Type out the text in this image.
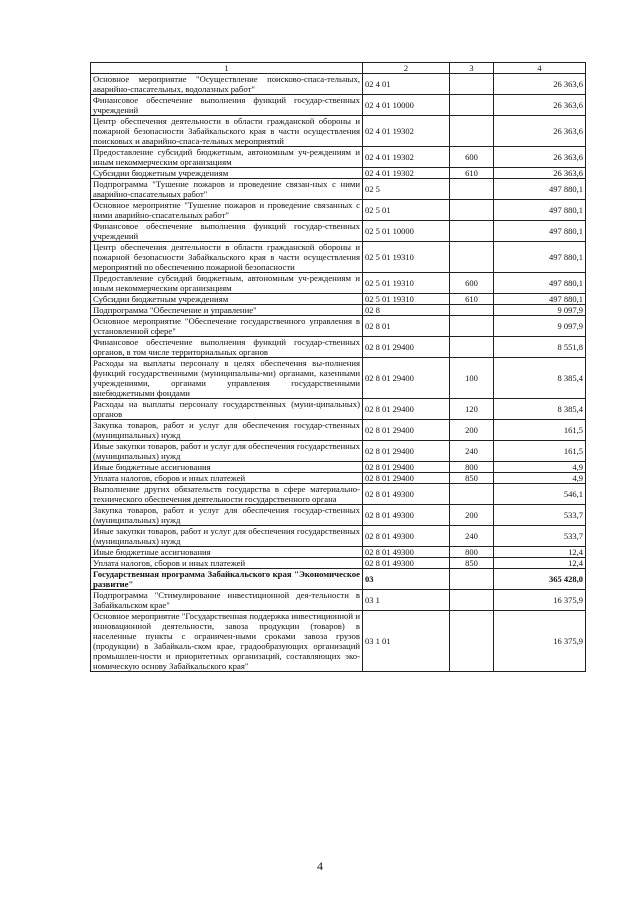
1	2	3	4
Основное мероприятие "Осуществление поисково-спаса-тельных, аварийно-спасательных, водолазных работ"	02 4 01		26 363,6
Финансовое обеспечение выполнения функций государ-ственных учреждений	02 4 01 10000		26 363,6
Центр обеспечения деятельности в области гражданской обороны и пожарной безопасности Забайкальского края в части осуществления поисковых и аварийно-спаса-тельных мероприятий	02 4 01 19302		26 363,6
Предоставление субсидий бюджетным, автономным уч-реждениям и иным некоммерческим организациям	02 4 01 19302	600	26 363,6
Субсидии бюджетным учреждениям	02 4 01 19302	610	26 363,6
Подпрограмма "Тушение пожаров и проведение связан-ных с ними аварийно-спасательных работ"	02 5		497 880,1
Основное мероприятие "Тушение пожаров и проведение связанных с ними аварийно-спасательных работ"	02 5 01		497 880,1
Финансовое обеспечение выполнения функций государ-ственных учреждений	02 5 01 10000		497 880,1
Центр обеспечения деятельности в области гражданской обороны и пожарной безопасности Забайкальского края в части осуществления мероприятий по обеспечению пожарной безопасности	02 5 01 19310		497 880,1
Предоставление субсидий бюджетным, автономным уч-реждениям и иным некоммерческим организациям	02 5 01 19310	600	497 880,1
Субсидии бюджетным учреждениям	02 5 01 19310	610	497 880,1
Подпрограмма "Обеспечение и управление"	02 8		9 097,9
Основное мероприятие "Обеспечение государственного управления в установленной сфере"	02 8 01		9 097,9
Финансовое обеспечение выполнения функций государ-ственных органов, в том числе территориальных органов	02 8 01 29400		8 551,8
Расходы на выплаты персоналу в целях обеспечения вы-полнения функций государственными (муниципальны-ми) органами, казенными учреждениями, органами управления государственными внебюджетными фондами	02 8 01 29400	100	8 385,4
Расходы на выплаты персоналу государственных (муни-ципальных) органов	02 8 01 29400	120	8 385,4
Закупка товаров, работ и услуг для обеспечения государ-ственных (муниципальных) нужд	02 8 01 29400	200	161,5
Иные закупки товаров, работ и услуг для обеспечения государственных (муниципальных) нужд	02 8 01 29400	240	161,5
Иные бюджетные ассигнования	02 8 01 29400	800	4,9
Уплата налогов, сборов и иных платежей	02 8 01 29400	850	4,9
Выполнение других обязательств государства в сфере материально-технического обеспечения деятельности государственного органа	02 8 01 49300		546,1
Закупка товаров, работ и услуг для обеспечения государ-ственных (муниципальных) нужд	02 8 01 49300	200	533,7
Иные закупки товаров, работ и услуг для обеспечения государственных (муниципальных) нужд	02 8 01 49300	240	533,7
Иные бюджетные ассигнования	02 8 01 49300	800	12,4
Уплата налогов, сборов и иных платежей	02 8 01 49300	850	12,4
Государственная программа Забайкальского края "Экономическое развитие"	03		365 428,0
Подпрограмма "Стимулирование инвестиционной дея-тельности в Забайкальском крае"	03 1		16 375,9
Основное мероприятие "Государственная поддержка инвестиционной и инновационной деятельности, завоза продукции (товаров) в населенные пункты с ограничен-ными сроками завоза грузов (продукции) в Забайкаль-ском крае, градообразующих организаций промышлен-ности и приоритетных организаций, составляющих эко-номическую основу Забайкальского края"	03 1 01		16 375,9
4
